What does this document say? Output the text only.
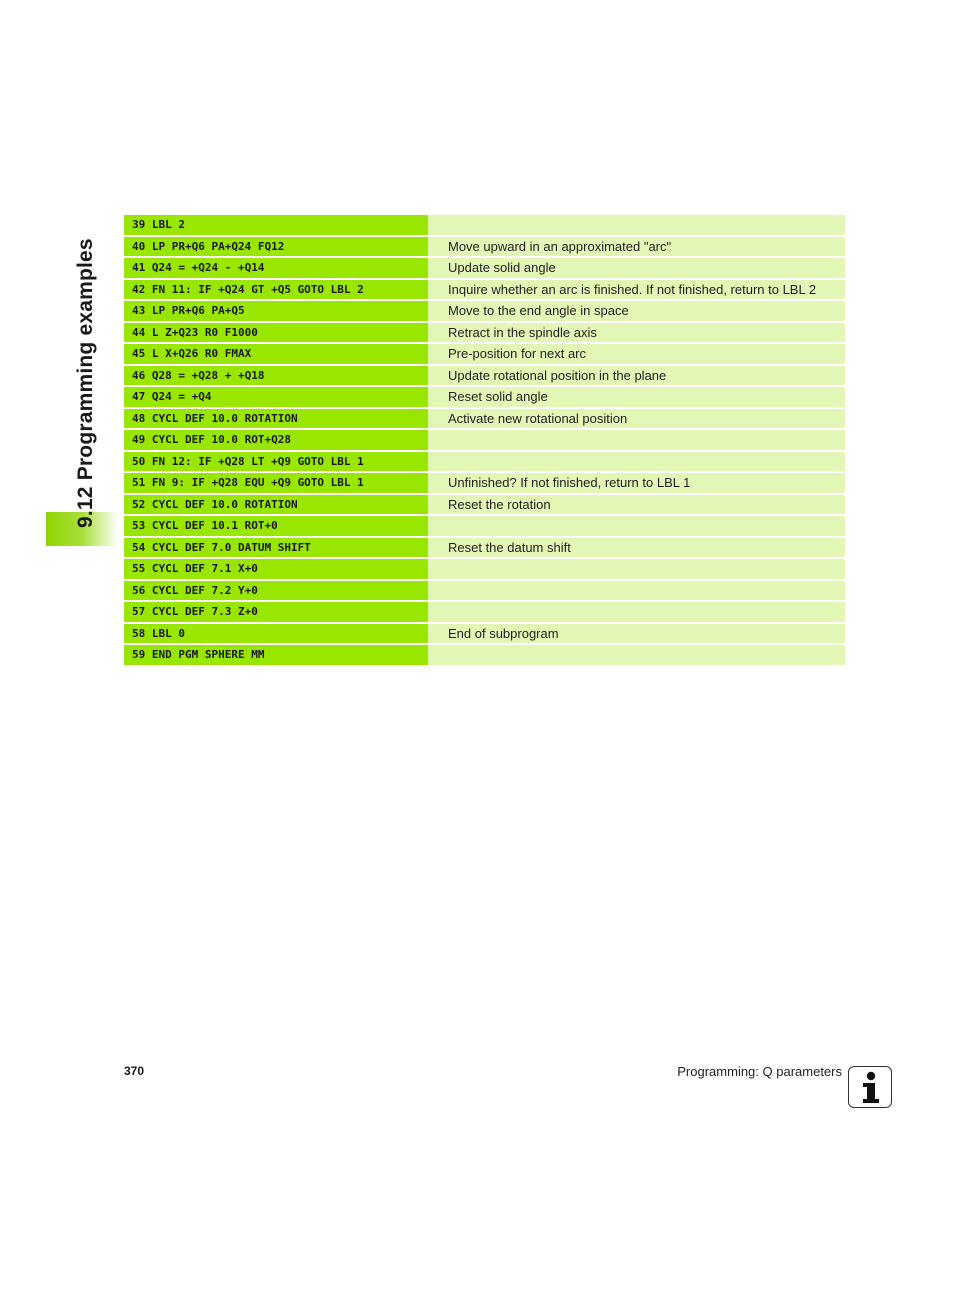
9.12 Programming examples
39 LBL 2
40 LP PR+Q6 PA+Q24 FQ12	Move upward in an approximated "arc"
41 Q24 = +Q24 - +Q14	Update solid angle
42 FN 11: IF +Q24 GT +Q5 GOTO LBL 2	Inquire whether an arc is finished. If not finished, return to LBL 2
43 LP PR+Q6 PA+Q5	Move to the end angle in space
44 L Z+Q23 R0 F1000	Retract in the spindle axis
45 L X+Q26 R0 FMAX	Pre-position for next arc
46 Q28 = +Q28 + +Q18	Update rotational position in the plane
47 Q24 = +Q4	Reset solid angle
48 CYCL DEF 10.0 ROTATION	Activate new rotational position
49 CYCL DEF 10.0 ROT+Q28
50 FN 12: IF +Q28 LT +Q9 GOTO LBL 1
51 FN 9: IF +Q28 EQU +Q9 GOTO LBL 1	Unfinished? If not finished, return to LBL 1
52 CYCL DEF 10.0 ROTATION	Reset the rotation
53 CYCL DEF 10.1 ROT+0
54 CYCL DEF 7.0 DATUM SHIFT	Reset the datum shift
55 CYCL DEF 7.1 X+0
56 CYCL DEF 7.2 Y+0
57 CYCL DEF 7.3 Z+0
58 LBL 0	End of subprogram
59 END PGM SPHERE MM
370	Programming: Q parameters
